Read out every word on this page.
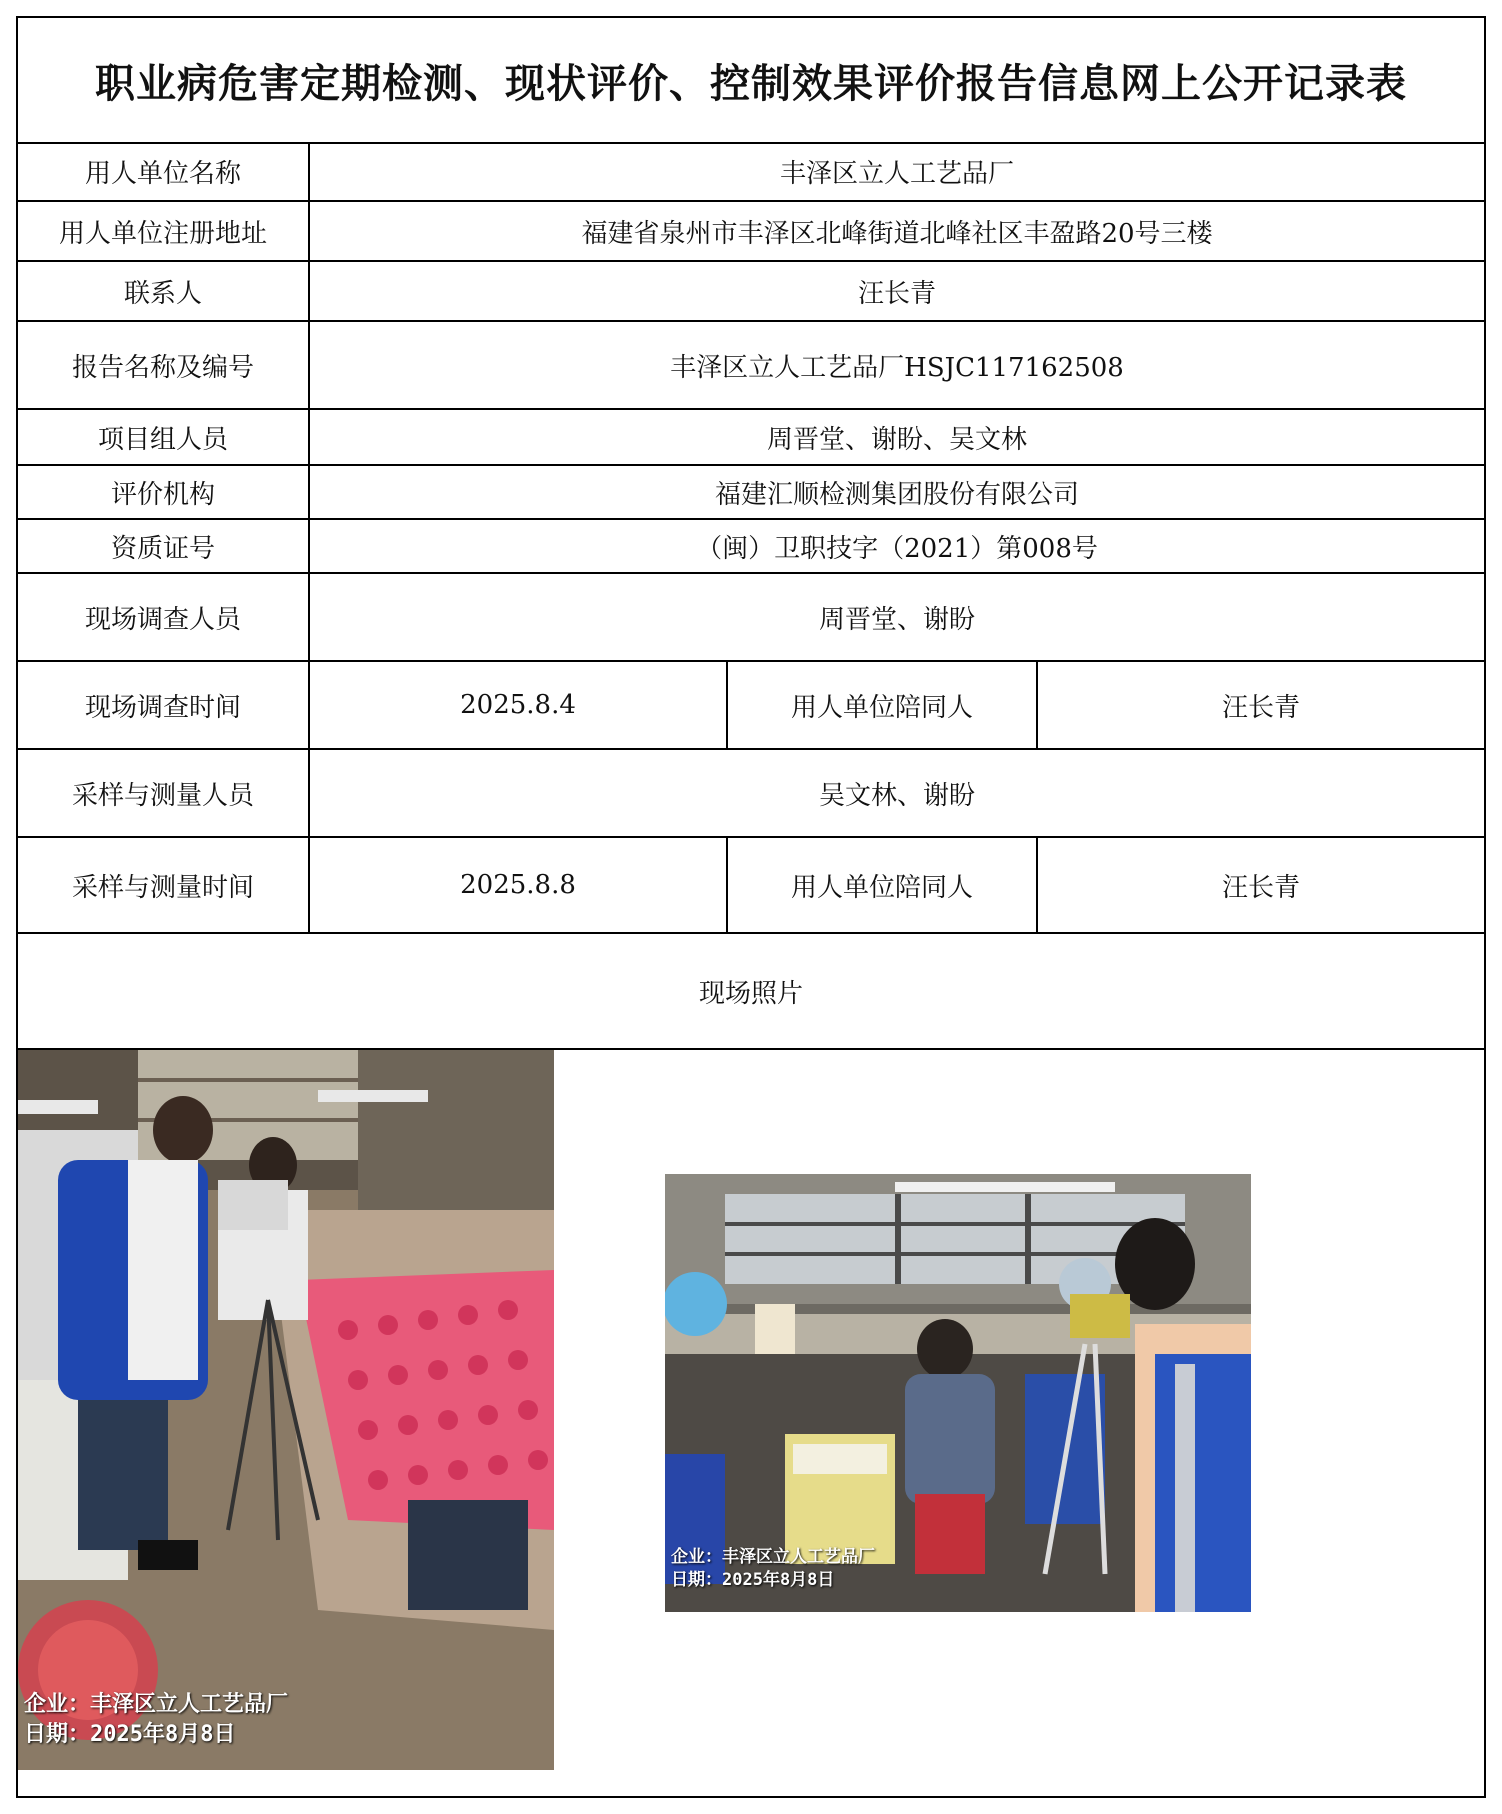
职业病危害定期检测、现状评价、控制效果评价报告信息网上公开记录表
用人单位名称	丰泽区立人工艺品厂
用人单位注册地址	福建省泉州市丰泽区北峰街道北峰社区丰盈路20号三楼
联系人	汪长青
报告名称及编号	丰泽区立人工艺品厂HSJC117162508
项目组人员	周晋堂、谢盼、吴文林
评价机构	福建汇顺检测集团股份有限公司
资质证号	（闽）卫职技字（2021）第008号
现场调查人员	周晋堂、谢盼
现场调查时间	2025.8.4	用人单位陪同人	汪长青
采样与测量人员	吴文林、谢盼
采样与测量时间	2025.8.8	用人单位陪同人	汪长青
现场照片
企业：丰泽区立人工艺品厂
日期：2025年8月8日
企业：丰泽区立人工艺品厂
日期：2025年8月8日
